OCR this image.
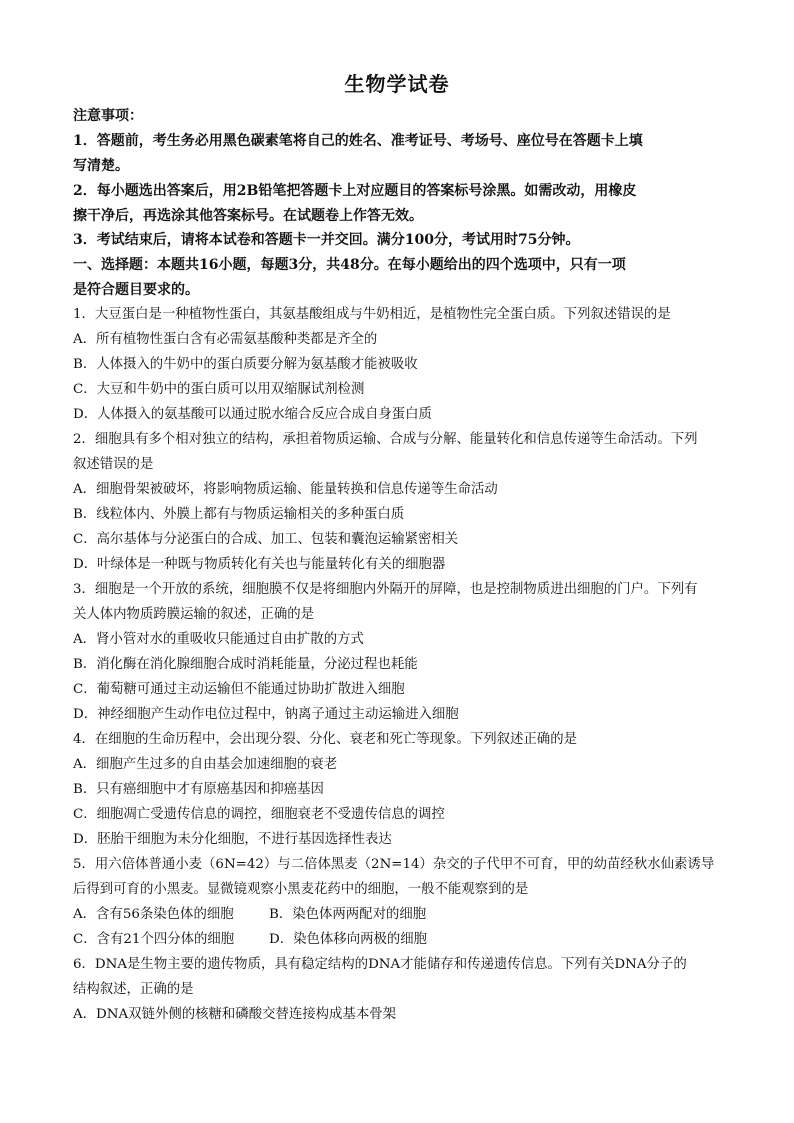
生物学试卷
注意事项：
1．答题前，考生务必用黑色碳素笔将自己的姓名、准考证号、考场号、座位号在答题卡上填
写清楚。
2．每小题选出答案后，用2B铅笔把答题卡上对应题目的答案标号涂黑。如需改动，用橡皮
擦干净后，再选涂其他答案标号。在试题卷上作答无效。
3．考试结束后，请将本试卷和答题卡一并交回。满分100分，考试用时75分钟。
一、选择题：本题共16小题，每题3分，共48分。在每小题给出的四个选项中，只有一项
是符合题目要求的。
1．大豆蛋白是一种植物性蛋白，其氨基酸组成与牛奶相近，是植物性完全蛋白质。下列叙述错误的是
A．所有植物性蛋白含有必需氨基酸种类都是齐全的
B．人体摄入的牛奶中的蛋白质要分解为氨基酸才能被吸收
C．大豆和牛奶中的蛋白质可以用双缩脲试剂检测
D．人体摄入的氨基酸可以通过脱水缩合反应合成自身蛋白质
2．细胞具有多个相对独立的结构，承担着物质运输、合成与分解、能量转化和信息传递等生命活动。下列
叙述错误的是
A．细胞骨架被破坏，将影响物质运输、能量转换和信息传递等生命活动
B．线粒体内、外膜上都有与物质运输相关的多种蛋白质
C．高尔基体与分泌蛋白的合成、加工、包装和囊泡运输紧密相关
D．叶绿体是一种既与物质转化有关也与能量转化有关的细胞器
3．细胞是一个开放的系统，细胞膜不仅是将细胞内外隔开的屏障，也是控制物质进出细胞的门户。下列有
关人体内物质跨膜运输的叙述，正确的是
A．肾小管对水的重吸收只能通过自由扩散的方式
B．消化酶在消化腺细胞合成时消耗能量，分泌过程也耗能
C．葡萄糖可通过主动运输但不能通过协助扩散进入细胞
D．神经细胞产生动作电位过程中，钠离子通过主动运输进入细胞
4．在细胞的生命历程中，会出现分裂、分化、衰老和死亡等现象。下列叙述正确的是
A．细胞产生过多的自由基会加速细胞的衰老
B．只有癌细胞中才有原癌基因和抑癌基因
C．细胞凋亡受遗传信息的调控，细胞衰老不受遗传信息的调控
D．胚胎干细胞为未分化细胞，不进行基因选择性表达
5．用六倍体普通小麦（6N=42）与二倍体黑麦（2N=14）杂交的子代甲不可育，甲的幼苗经秋水仙素诱导
后得到可育的小黑麦。显微镜观察小黑麦花药中的细胞，一般不能观察到的是
A．含有56条染色体的细胞	B．染色体两两配对的细胞
C．含有21个四分体的细胞	D．染色体移向两极的细胞
6．DNA是生物主要的遗传物质，具有稳定结构的DNA才能储存和传递遗传信息。下列有关DNA分子的
结构叙述，正确的是
A．DNA双链外侧的核糖和磷酸交替连接构成基本骨架
